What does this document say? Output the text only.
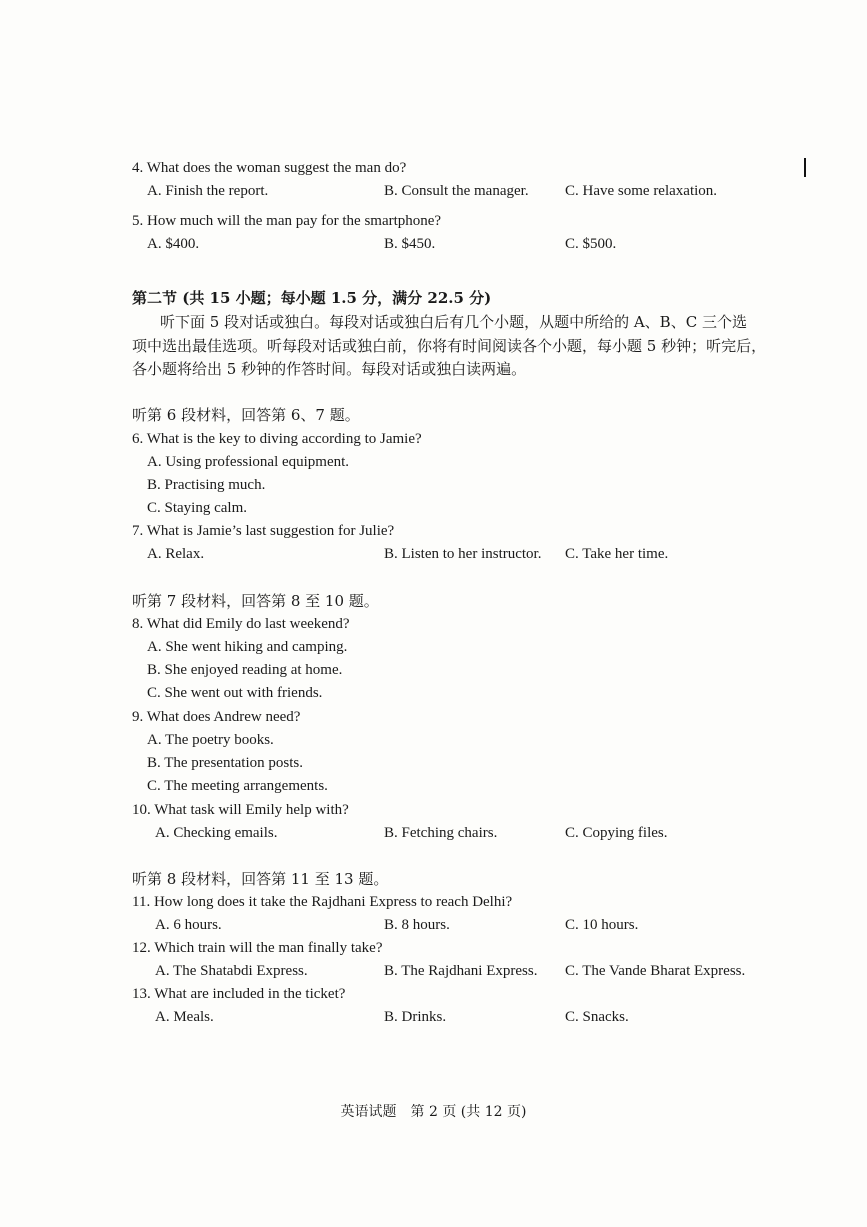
4. What does the woman suggest the man do?
A. Finish the report.	B. Consult the manager. C. Have some relaxation.
5. How much will the man pay for the smartphone?
A. $400.	B. $450.	C. $500.
第二节 (共 15 小题；每小题 1.5 分，满分 22.5 分)
听下面 5 段对话或独白。每段对话或独白后有几个小题，从题中所给的 A、B、C 三个选
项中选出最佳选项。听每段对话或独白前，你将有时间阅读各个小题，每小题 5 秒钟；听完后，
各小题将给出 5 秒钟的作答时间。每段对话或独白读两遍。
听第 6 段材料，回答第 6、7 题。
6. What is the key to diving according to Jamie?
A. Using professional equipment.
B. Practising much.
C. Staying calm.
7. What is Jamie’s last suggestion for Julie?
A. Relax.	B. Listen to her instructor. C. Take her time.
听第 7 段材料，回答第 8 至 10 题。
8. What did Emily do last weekend?
A. She went hiking and camping.
B. She enjoyed reading at home.
C. She went out with friends.
9. What does Andrew need?
A. The poetry books.
B. The presentation posts.
C. The meeting arrangements.
10. What task will Emily help with?
A. Checking emails.	B. Fetching chairs.	C. Copying files.
听第 8 段材料，回答第 11 至 13 题。
11. How long does it take the Rajdhani Express to reach Delhi?
A. 6 hours.	B. 8 hours.	C. 10 hours.
12. Which train will the man finally take?
A. The Shatabdi Express.	B. The Rajdhani Express. C. The Vande Bharat Express.
13. What are included in the ticket?
A. Meals.	B. Drinks.	C. Snacks.
英语试题　第 2 页 (共 12 页)
